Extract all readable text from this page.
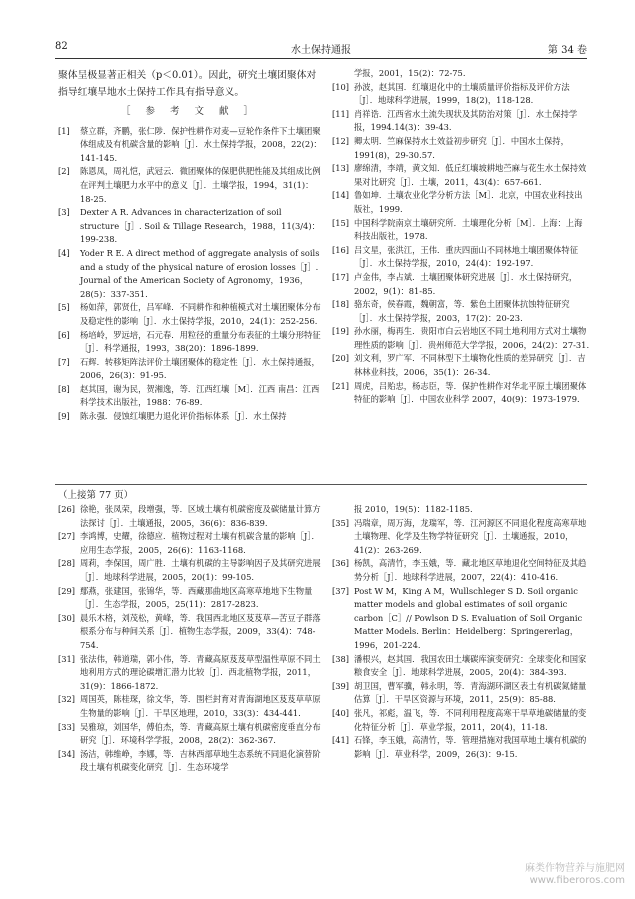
82	水土保持通报	第 34 卷

聚体呈极显著正相关（p＜0.01）。因此，研究土壤团聚体对指导红壤旱地水土保持工作具有指导意义。

［ 参 考 文 献 ］

[1] 蔡立群，齐鹏，张仁陟．保护性耕作对麦—豆轮作条件下土壤团聚体组成及有机碳含量的影响［J］．水土保持学报，2008，22(2)：141-145.

[2] 陈恩凤，周礼恺，武冠云．微团聚体的保肥供肥性能及其组成比例在评判土壤肥力水平中的意义［J］．土壤学报，1994，31(1)：18-25.

[3] Dexter A R. Advances in characterization of soil structure［J］. Soil & Tillage Research，1988，11(3/4)：199-238.

[4] Yoder R E. A direct method of aggregate analysis of soils and a study of the physical nature of erosion losses［J］. Journal of the American Society of Agronomy，1936，28(5)：337-351.

[5] 杨如萍，郭贤仕，吕军峰．不同耕作和种植模式对土壤团聚体分布及稳定性的影响［J］．水土保持学报，2010，24(1)：252-256.

[6] 杨培岭，罗远培，石元春．用粒径的重量分布表征的土壤分形特征［J］．科学通报，1993，38(20)：1896-1899.

[7] 石辉．转移矩阵法评价土壤团聚体的稳定性［J］．水土保持通报，2006，26(3)：91-95.

[8] 赵其国，谢为民，贺湘逸，等．江西红壤［M］．江西 南昌：江西科学技术出版社，1988：76-89.

[9] 陈永强．侵蚀红壤肥力退化评价指标体系［J］．水土保持

学报，2001，15(2)：72-75.

[10] 孙波，赵其国．红壤退化中的土壤质量评价指标及评价方法［J］．地球科学进展，1999，18(2)，118-128.

[11] 肖祥诰．江西省水土流失现状及其防治对策［J］．水土保持学报，1994.14(3)：39-43.

[12] 卿太明．竺麻保持水土效益初步研究［J］．中国水土保持，1991(8)，29-30.57.

[13] 廖绵清，李靖，黄文知．低丘红壤坡耕地苎麻与花生水土保持效果对比研究［J］．土壤，2011，43(4)：657-661.

[14] 鲁如坤．土壤农业化学分析方法［M］．北京，中国农业科技出版社，1999.

[15] 中国科学院南京土壤研究所．土壤理化分析［M］．上海：上海科技出版社，1978.

[16] 吕文星，张洪江，王伟．重庆四面山不同林地土壤团聚体特征［J］．水土保持学报，2010，24(4)：192-197.

[17] 卢金伟，李占斌．土壤团聚体研究进展［J］．水土保持研究，2002，9(1)：81-85.

[18] 骆东奇，侯春霞，魏朝富，等．紫色土团聚体抗蚀特征研究［J］．水土保持学报，2003，17(2)：20-23.

[19] 孙水丽，梅再生．贵阳市白云岩地区不同土地利用方式对土壤物理性质的影响［J］．贵州师范大学学报，2006，24(2)：27-31.

[20] 刘文利，罗广军．不同林型下土壤物化性质的差异研究［J］．吉林林业科技，2006，35(1)：26-34.

[21] 周虎，吕贻忠，杨志臣，等．保护性耕作对华北平原土壤团聚体特征的影响［J］．中国农业科学 2007，40(9)：1973-1979.

（上接第 77 页）

[26] 徐艳，张凤荣，段增强，等．区域土壤有机碳密度及碳储量计算方法探讨［J］．土壤通报，2005，36(6)：836-839.

[27] 李鸿博，史耀，徐德应．植物过程对土壤有机碳含量的影响［J］．应用生态学报，2005，26(6)：1163-1168.

[28] 周莉，李保国，周广胜．土壤有机碳的主导影响因子及其研究进展［J］．地球科学进展，2005，20(1)：99-105.

[29] 鄢燕，张建国，张锦华，等．西藏那曲地区高寒草地地下生物量［J］．生态学报，2005，25(11)：2817-2823.

[30] 晨乐木格，刘茂松，黄峰，等．我国西北地区芨芨草—苦豆子群落根系分布与种间关系［J］．植物生态学报，2009，33(4)：748-754.

[31] 张法伟，韩道瑞，郭小伟，等．青藏高原芨芨草型温性草原不同土地利用方式的理论碳增汇潜力比较［J］．西北植物学报，2011，31(9)：1866-1872.

[32] 周国英，陈桂琛，徐文华，等．围栏封育对青海湖地区芨芨草草原生物量的影响［J］．干旱区地理，2010，33(3)：434-441.

[33] 吴雅琼，刘国华，傅伯杰，等．青藏高原土壤有机碳密度垂直分布研究［J］．环境科学学报，2008，28(2)：362-367.

[34] 汤洁，韩维峥，李娜，等．吉林西部草地生态系统不同退化演替阶段土壤有机碳变化研究［J］．生态环境学

报 2010，19(5)：1182-1185.

[35] 冯瑞章，周万海，龙瑞军，等．江河源区不同退化程度高寒草地土壤物理、化学及生物学特征研究［J］．土壤通报，2010，41(2)：263-269.

[36] 杨凯，高清竹，李玉娥，等．藏北地区草地退化空间特征及其趋势分析［J］．地球科学进展，2007，22(4)：410-416.

[37] Post W M，King A M，Wullschleger S D. Soil organic matter models and global estimates of soil organic carbon［C］// Powlson D S. Evaluation of Soil Organic Matter Models. Berlin：Heidelberg：Springererlag，1996，201-224.

[38] 潘根兴，赵其国．我国农田土壤碳库演变研究：全球变化和国家粮食安全［J］．地球科学进展，2005，20(4)：384-393.

[39] 胡卫国，曹军骥，韩永明，等．青海湖环湖区表土有机碳氮储量估算［J］．干旱区资源与环境，2011，25(9)：85-88.

[40] 张凡，祁彪，温飞，等．不同利用程度高寒干旱草地碳储量的变化特征分析［J］．草业学报，2011，20(4)，11-18.

[41] 石锋，李玉娥，高清竹，等．管理措施对我国草地土壤有机碳的影响［J］．草业科学，2009，26(3)：9-15.

麻类作物营养与施肥网
www.fiberoros.com
